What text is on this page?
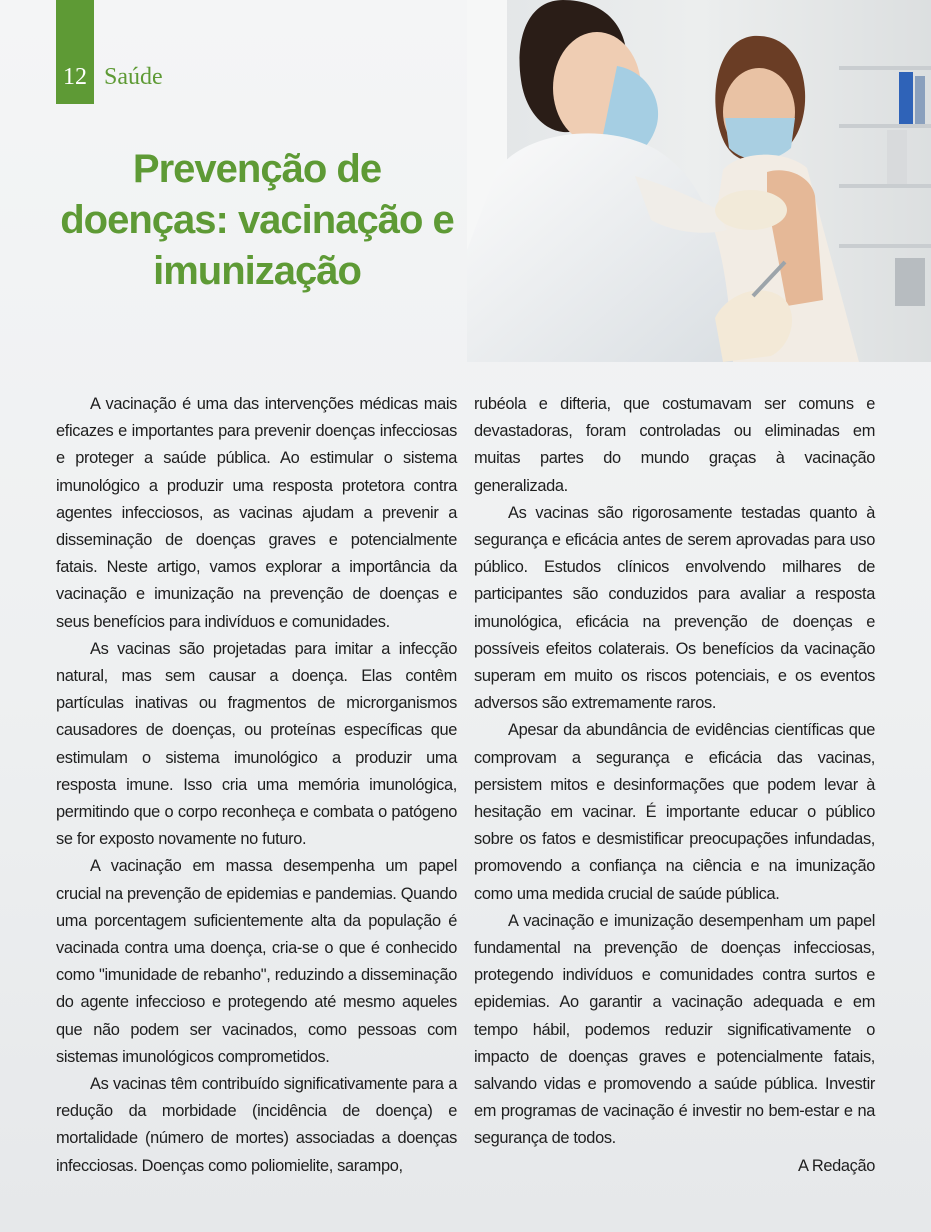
12 Saúde
Prevenção de doenças: vacinação e imunização

A vacinação é uma das intervenções médicas mais eficazes e importantes para prevenir doenças infecciosas e proteger a saúde pública. Ao estimular o sistema imunológico a produzir uma resposta protetora contra agentes infecciosos, as vacinas ajudam a prevenir a disseminação de doenças graves e potencialmente fatais. Neste artigo, vamos explorar a importância da vacinação e imunização na prevenção de doenças e seus benefícios para indivíduos e comunidades.

As vacinas são projetadas para imitar a infecção natural, mas sem causar a doença. Elas contêm partículas inativas ou fragmentos de microrganismos causadores de doenças, ou proteínas específicas que estimulam o sistema imunológico a produzir uma resposta imune. Isso cria uma memória imunológica, permitindo que o corpo reconheça e combata o patógeno se for exposto novamente no futuro.

A vacinação em massa desempenha um papel crucial na prevenção de epidemias e pandemias. Quando uma porcentagem suficientemente alta da população é vacinada contra uma doença, cria-se o que é conhecido como "imunidade de rebanho", reduzindo a disseminação do agente infeccioso e protegendo até mesmo aqueles que não podem ser vacinados, como pessoas com sistemas imunológicos comprometidos.

As vacinas têm contribuído significativamente para a redução da morbidade (incidência de doença) e mortalidade (número de mortes) associadas a doenças infecciosas. Doenças como poliomielite, sarampo,

rubéola e difteria, que costumavam ser comuns e devastadoras, foram controladas ou eliminadas em muitas partes do mundo graças à vacinação generalizada.

As vacinas são rigorosamente testadas quanto à segurança e eficácia antes de serem aprovadas para uso público. Estudos clínicos envolvendo milhares de participantes são conduzidos para avaliar a resposta imunológica, eficácia na prevenção de doenças e possíveis efeitos colaterais. Os benefícios da vacinação superam em muito os riscos potenciais, e os eventos adversos são extremamente raros.

Apesar da abundância de evidências científicas que comprovam a segurança e eficácia das vacinas, persistem mitos e desinformações que podem levar à hesitação em vacinar. É importante educar o público sobre os fatos e desmistificar preocupações infundadas, promovendo a confiança na ciência e na imunização como uma medida crucial de saúde pública.

A vacinação e imunização desempenham um papel fundamental na prevenção de doenças infecciosas, protegendo indivíduos e comunidades contra surtos e epidemias. Ao garantir a vacinação adequada e em tempo hábil, podemos reduzir significativamente o impacto de doenças graves e potencialmente fatais, salvando vidas e promovendo a saúde pública. Investir em programas de vacinação é investir no bem-estar e na segurança de todos.

A Redação
